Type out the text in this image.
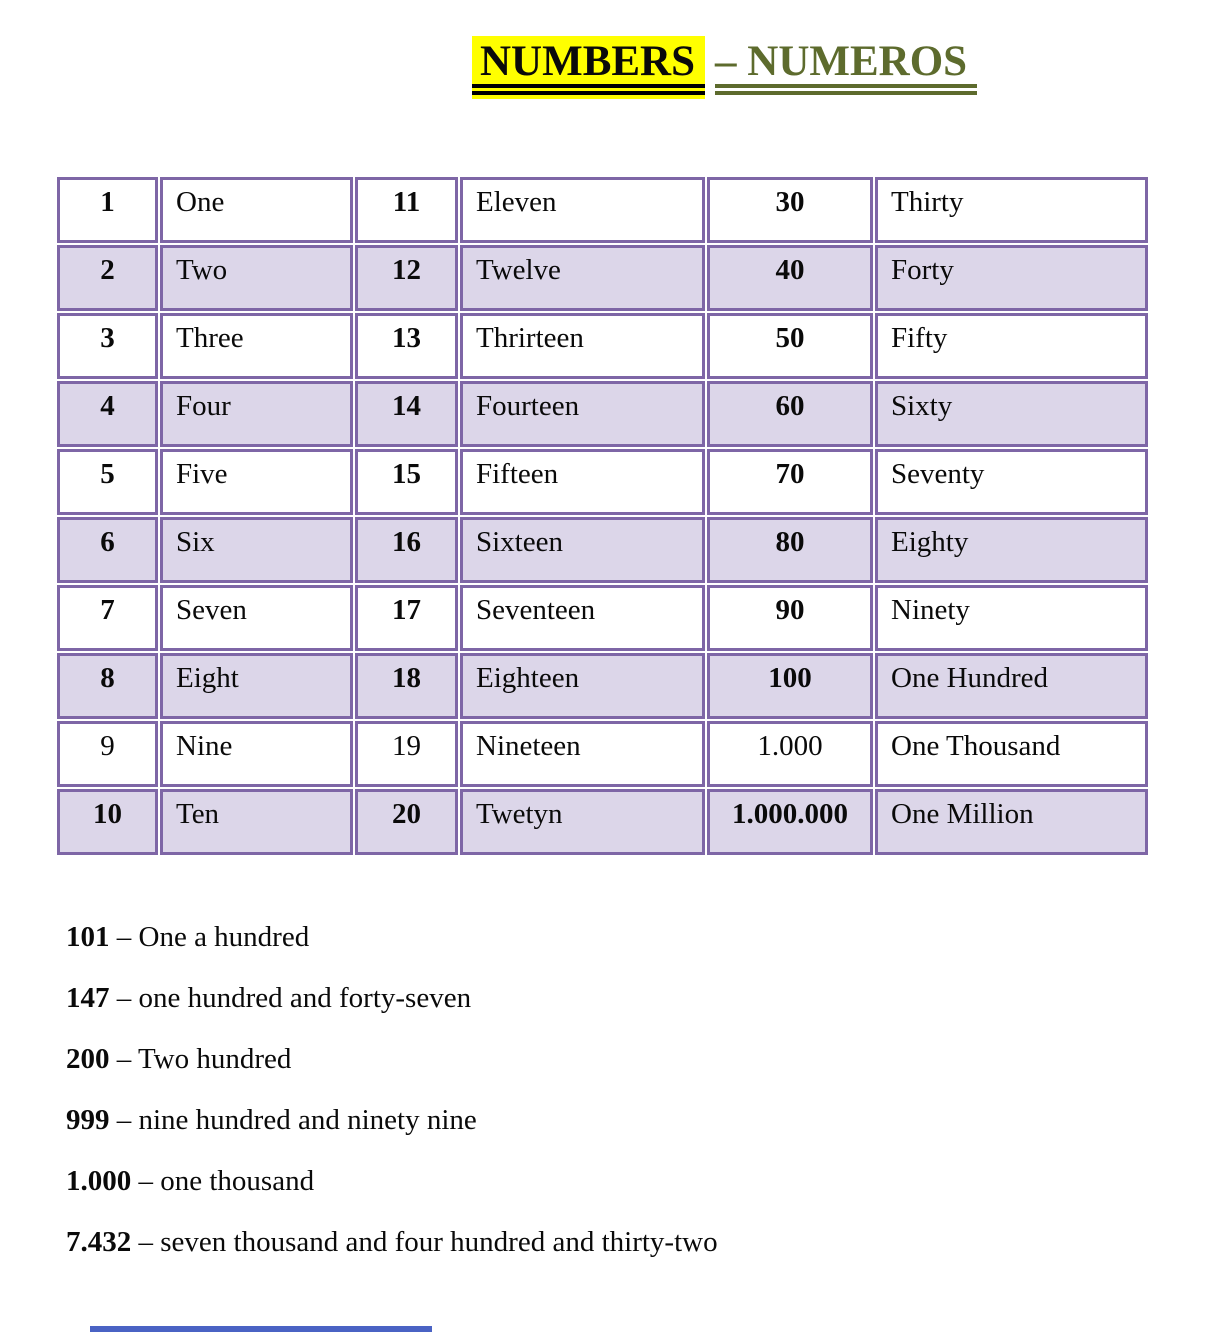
NUMBERS – NUMEROS
1	One	11	Eleven	30	Thirty
2	Two	12	Twelve	40	Forty
3	Three	13	Thrirteen	50	Fifty
4	Four	14	Fourteen	60	Sixty
5	Five	15	Fifteen	70	Seventy
6	Six	16	Sixteen	80	Eighty
7	Seven	17	Seventeen	90	Ninety
8	Eight	18	Eighteen	100	One Hundred
9	Nine	19	Nineteen	1.000	One Thousand
10	Ten	20	Twetyn	1.000.000	One Million
101 – One a hundred
147 – one hundred and forty-seven
200 – Two hundred
999 – nine hundred and ninety nine
1.000 – one thousand
7.432 – seven thousand and four hundred and thirty-two
